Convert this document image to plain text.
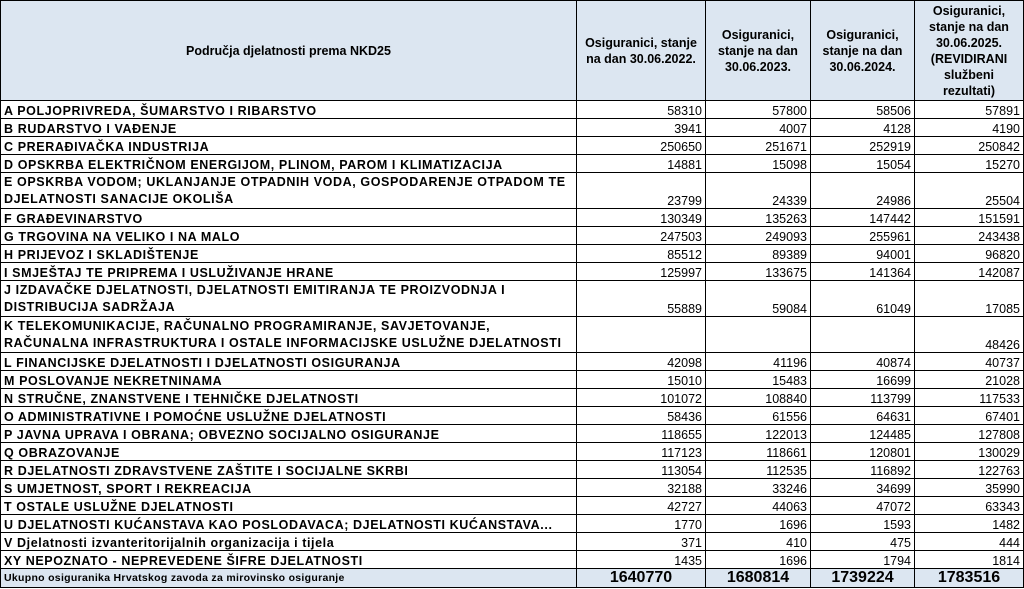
Područja djelatnosti prema NKD25	Osiguranici, stanje na dan 30.06.2022.	Osiguranici, stanje na dan 30.06.2023.	Osiguranici, stanje na dan 30.06.2024.	Osiguranici, stanje na dan 30.06.2025. (REVIDIRANI službeni rezultati)
A POLJOPRIVREDA, ŠUMARSTVO I RIBARSTVO	58310	57800	58506	57891
B RUDARSTVO I VAĐENJE	3941	4007	4128	4190
C PRERAĐIVAČKA INDUSTRIJA	250650	251671	252919	250842
D OPSKRBA ELEKTRIČNOM ENERGIJOM, PLINOM, PAROM I KLIMATIZACIJA	14881	15098	15054	15270
E OPSKRBA VODOM; UKLANJANJE OTPADNIH VODA, GOSPODARENJE OTPADOM TE DJELATNOSTI SANACIJE OKOLIŠA	23799	24339	24986	25504
F GRAĐEVINARSTVO	130349	135263	147442	151591
G TRGOVINA NA VELIKO I NA MALO	247503	249093	255961	243438
H PRIJEVOZ I SKLADIŠTENJE	85512	89389	94001	96820
I SMJEŠTAJ TE PRIPREMA I USLUŽIVANJE HRANE	125997	133675	141364	142087
J IZDAVAČKE DJELATNOSTI, DJELATNOSTI EMITIRANJA TE PROIZVODNJA I DISTRIBUCIJA SADRŽAJA	55889	59084	61049	17085
K TELEKOMUNIKACIJE, RAČUNALNO PROGRAMIRANJE, SAVJETOVANJE, RAČUNALNA INFRASTRUKTURA I OSTALE INFORMACIJSKE USLUŽNE DJELATNOSTI				48426
L FINANCIJSKE DJELATNOSTI I DJELATNOSTI OSIGURANJA	42098	41196	40874	40737
M POSLOVANJE NEKRETNINAMA	15010	15483	16699	21028
N STRUČNE, ZNANSTVENE I TEHNIČKE DJELATNOSTI	101072	108840	113799	117533
O ADMINISTRATIVNE I POMOĆNE USLUŽNE DJELATNOSTI	58436	61556	64631	67401
P JAVNA UPRAVA I OBRANA; OBVEZNO SOCIJALNO OSIGURANJE	118655	122013	124485	127808
Q OBRAZOVANJE	117123	118661	120801	130029
R DJELATNOSTI ZDRAVSTVENE ZAŠTITE I SOCIJALNE SKRBI	113054	112535	116892	122763
S UMJETNOST, SPORT I REKREACIJA	32188	33246	34699	35990
T OSTALE USLUŽNE DJELATNOSTI	42727	44063	47072	63343
U DJELATNOSTI KUĆANSTAVA KAO POSLODAVACA; DJELATNOSTI KUĆANSTAVA...	1770	1696	1593	1482
V Djelatnosti izvanteritorijalnih organizacija i tijela	371	410	475	444
XY NEPOZNATO - NEPREVEDENE ŠIFRE DJELATNOSTI	1435	1696	1794	1814
Ukupno osiguranika Hrvatskog zavoda za mirovinsko osiguranje	1640770	1680814	1739224	1783516
